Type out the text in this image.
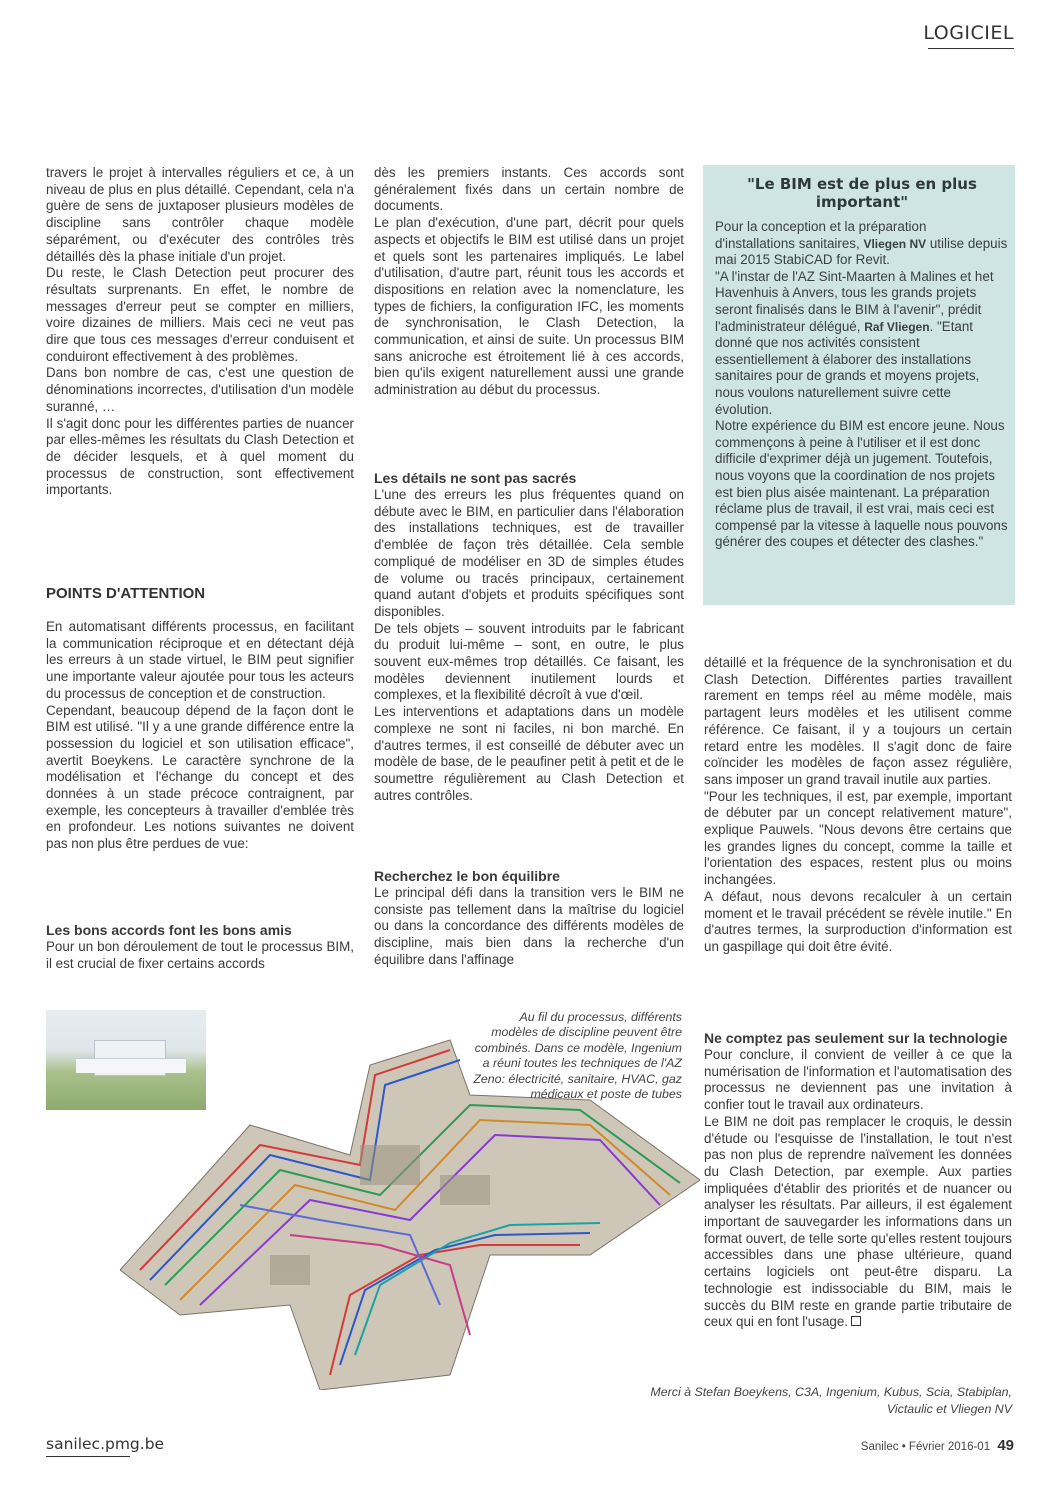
LOGICIEL

travers le projet à intervalles réguliers et ce, à un niveau de plus en plus détaillé. Cependant, cela n'a guère de sens de juxtaposer plusieurs modèles de discipline sans contrôler chaque modèle séparément, ou d'exécuter des contrôles très détaillés dès la phase initiale d'un projet.

Du reste, le Clash Detection peut procurer des résultats surprenants. En effet, le nombre de messages d'erreur peut se compter en milliers, voire dizaines de milliers. Mais ceci ne veut pas dire que tous ces messages d'erreur conduisent et conduiront effectivement à des problèmes.

Dans bon nombre de cas, c'est une question de dénominations incorrectes, d'utilisation d'un modèle suranné, …

Il s'agit donc pour les différentes parties de nuancer par elles-mêmes les résultats du Clash Detection et de décider lesquels, et à quel moment du processus de construction, sont effectivement importants.

POINTS D'ATTENTION

En automatisant différents processus, en facilitant la communication réciproque et en détectant déjà les erreurs à un stade virtuel, le BIM peut signifier une importante valeur ajoutée pour tous les acteurs du processus de conception et de construction.

Cependant, beaucoup dépend de la façon dont le BIM est utilisé. "Il y a une grande différence entre la possession du logiciel et son utilisation efficace", avertit Boeykens. Le caractère synchrone de la modélisation et l'échange du concept et des données à un stade précoce contraignent, par exemple, les concepteurs à travailler d'emblée très en profondeur. Les notions suivantes ne doivent pas non plus être perdues de vue:

Les bons accords font les bons amis

Pour un bon déroulement de tout le processus BIM, il est crucial de fixer certains accords

dès les premiers instants. Ces accords sont généralement fixés dans un certain nombre de documents.

Le plan d'exécution, d'une part, décrit pour quels aspects et objectifs le BIM est utilisé dans un projet et quels sont les partenaires impliqués. Le label d'utilisation, d'autre part, réunit tous les accords et dispositions en relation avec la nomenclature, les types de fichiers, la configuration IFC, les moments de synchronisation, le Clash Detection, la communication, et ainsi de suite. Un processus BIM sans anicroche est étroitement lié à ces accords, bien qu'ils exigent naturellement aussi une grande administration au début du processus.

Les détails ne sont pas sacrés

L'une des erreurs les plus fréquentes quand on débute avec le BIM, en particulier dans l'élaboration des installations techniques, est de travailler d'emblée de façon très détaillée. Cela semble compliqué de modéliser en 3D de simples études de volume ou tracés principaux, certainement quand autant d'objets et produits spécifiques sont disponibles.

De tels objets – souvent introduits par le fabricant du produit lui-même – sont, en outre, le plus souvent eux-mêmes trop détaillés. Ce faisant, les modèles deviennent inutilement lourds et complexes, et la flexibilité décroît à vue d'œil.

Les interventions et adaptations dans un modèle complexe ne sont ni faciles, ni bon marché. En d'autres termes, il est conseillé de débuter avec un modèle de base, de le peaufiner petit à petit et de le soumettre régulièrement au Clash Detection et autres contrôles.

Recherchez le bon équilibre

Le principal défi dans la transition vers le BIM ne consiste pas tellement dans la maîtrise du logiciel ou dans la concordance des différents modèles de discipline, mais bien dans la recherche d'un équilibre dans l'affinage

"Le BIM est de plus en plus important"

Pour la conception et la préparation d'installations sanitaires, Vliegen NV utilise depuis mai 2015 StabiCAD for Revit.

"A l'instar de l'AZ Sint-Maarten à Malines et het Havenhuis à Anvers, tous les grands projets seront finalisés dans le BIM à l'avenir", prédit l'administrateur délégué, Raf Vliegen. "Etant donné que nos activités consistent essentiellement à élaborer des installations sanitaires pour de grands et moyens projets, nous voulons naturellement suivre cette évolution.

Notre expérience du BIM est encore jeune. Nous commençons à peine à l'utiliser et il est donc difficile d'exprimer déjà un jugement. Toutefois, nous voyons que la coordination de nos projets est bien plus aisée maintenant. La préparation réclame plus de travail, il est vrai, mais ceci est compensé par la vitesse à laquelle nous pouvons générer des coupes et détecter des clashes."

détaillé et la fréquence de la synchronisation et du Clash Detection. Différentes parties travaillent rarement en temps réel au même modèle, mais partagent leurs modèles et les utilisent comme référence. Ce faisant, il y a toujours un certain retard entre les modèles. Il s'agit donc de faire coïncider les modèles de façon assez régulière, sans imposer un grand travail inutile aux parties.

"Pour les techniques, il est, par exemple, important de débuter par un concept relativement mature", explique Pauwels. "Nous devons être certains que les grandes lignes du concept, comme la taille et l'orientation des espaces, restent plus ou moins inchangées.

A défaut, nous devons recalculer à un certain moment et le travail précédent se révèle inutile." En d'autres termes, la surproduction d'information est un gaspillage qui doit être évité.

Ne comptez pas seulement sur la technologie

Pour conclure, il convient de veiller à ce que la numérisation de l'information et l'automatisation des processus ne deviennent pas une invitation à confier tout le travail aux ordinateurs.

Le BIM ne doit pas remplacer le croquis, le dessin d'étude ou l'esquisse de l'installation, le tout n'est pas non plus de reprendre naïvement les données du Clash Detection, par exemple. Aux parties impliquées d'établir des priorités et de nuancer ou analyser les résultats. Par ailleurs, il est également important de sauvegarder les informations dans un format ouvert, de telle sorte qu'elles restent toujours accessibles dans une phase ultérieure, quand certains logiciels ont peut-être disparu. La technologie est indissociable du BIM, mais le succès du BIM reste en grande partie tributaire de ceux qui en font l'usage.

Au fil du processus, différents modèles de discipline peuvent être combinés. Dans ce modèle, Ingenium a réuni toutes les techniques de l'AZ Zeno: électricité, sanitaire, HVAC, gaz médicaux et poste de tubes
Merci à Stefan Boeykens, C3A, Ingenium, Kubus, Scia, Stabiplan, Victaulic et Vliegen NV
sanilec.pmg.be	Sanilec • Février 2016-01 49
